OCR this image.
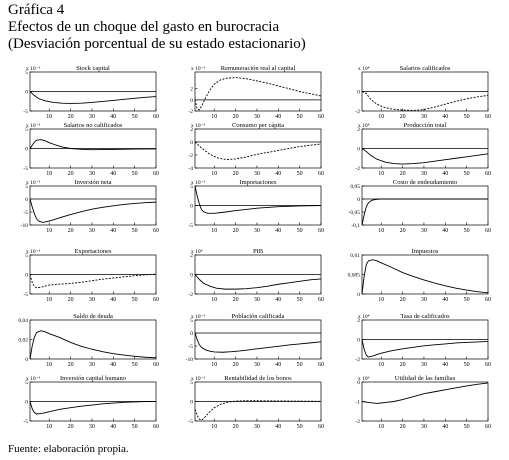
Gráfica 4
Efectos de un choque del gasto en burocracia
(Desviación porcentual de su estado estacionario)
Stock capital
x 10⁻³
-5
0
5
10	20	30	40	50	60
Remuneración real al capital
x 10⁻³
-2
0
2
10	20	30	40	50	60
Salarios calificados
x 10⁴
-2
0
10	20	30	40	50	60
Salarios no calificados
x 10⁻³
-5
0
5
10	20	30	40	50	60
Consumo per cápita
x 10⁻³
-4
-2
0
2
10	20	30	40	50	60
Producción total
x 10⁴
-2
0
2
10	20	30	40	50	60
Inversión neta
x 10⁻³
-10
-5
0
5
10	20	30	40	50	60
Importaciones
x 10⁻³
-5
0
5
10	20	30	40	50	60
Costo de endeudamiento
-0,1
-0,05
0
0,05
10	20	30	40	50	60
Exportaciones
x 10⁻³
-5
0
5
10	20	30	40	50	60
PIB
x 10⁴
-2
0
2
10	20	30	40	50	60
Impuestos
0
0,005
0,01
10	20	30	40	50	60
Saldo de deuda
0
0,02
0,04
10	20	30	40	50	60
Población calificada
x 10⁻³
-10
-5
0
5
10	20	30	40	50	60
Tasa de calificados
x 10⁴
-2
0
2
10	20	30	40	50	60
Inversión capital humano
x 10⁻³
-5
0
5
10	20	30	40	50	60
Rentabilidad de los bonos
x 10⁻³
-5
0
5
10	20	30	40	50	60
Utilidad de las familias
x 10³
-2
-1
0
10	20	30	40	50	60
Fuente: elaboración propia.
